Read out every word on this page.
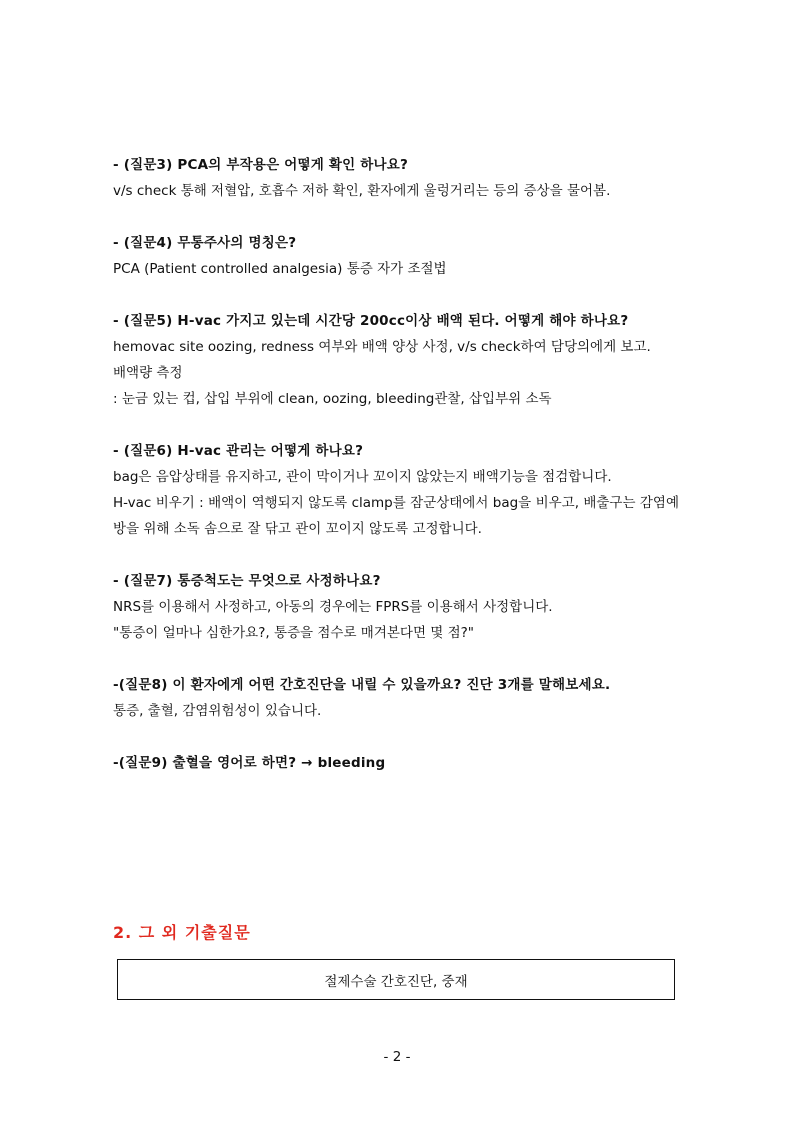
- (질문3) PCA의 부작용은 어떻게 확인 하나요?

v/s check 통해 저혈압, 호흡수 저하 확인, 환자에게 울렁거리는 등의 증상을 물어봄.

- (질문4) 무통주사의 명칭은?

PCA (Patient controlled analgesia) 통증 자가 조절법

- (질문5) H-vac 가지고 있는데 시간당 200cc이상 배액 된다. 어떻게 해야 하나요?

hemovac site oozing, redness 여부와 배액 양상 사정, v/s check하여 담당의에게 보고.

배액량 측정

: 눈금 있는 컵, 삽입 부위에 clean, oozing, bleeding관찰, 삽입부위 소독

- (질문6) H-vac 관리는 어떻게 하나요?

bag은 음압상태를 유지하고, 관이 막이거나 꼬이지 않았는지 배액기능을 점검합니다.

H-vac 비우기 : 배액이 역행되지 않도록 clamp를 잠군상태에서 bag을 비우고, 배출구는 감염예방을 위해 소독 솜으로 잘 닦고 관이 꼬이지 않도록 고정합니다.

- (질문7) 통증척도는 무엇으로 사정하나요?

NRS를 이용해서 사정하고, 아동의 경우에는 FPRS를 이용해서 사정합니다.

"통증이 얼마나 심한가요?, 통증을 점수로 매겨본다면 몇 점?"

-(질문8) 이 환자에게 어떤 간호진단을 내릴 수 있을까요? 진단 3개를 말해보세요.

통증, 출혈, 감염위험성이 있습니다.

-(질문9) 출혈을 영어로 하면? → bleeding

2. 그 외 기출질문

절제수술 간호진단, 중재
- 2 -
